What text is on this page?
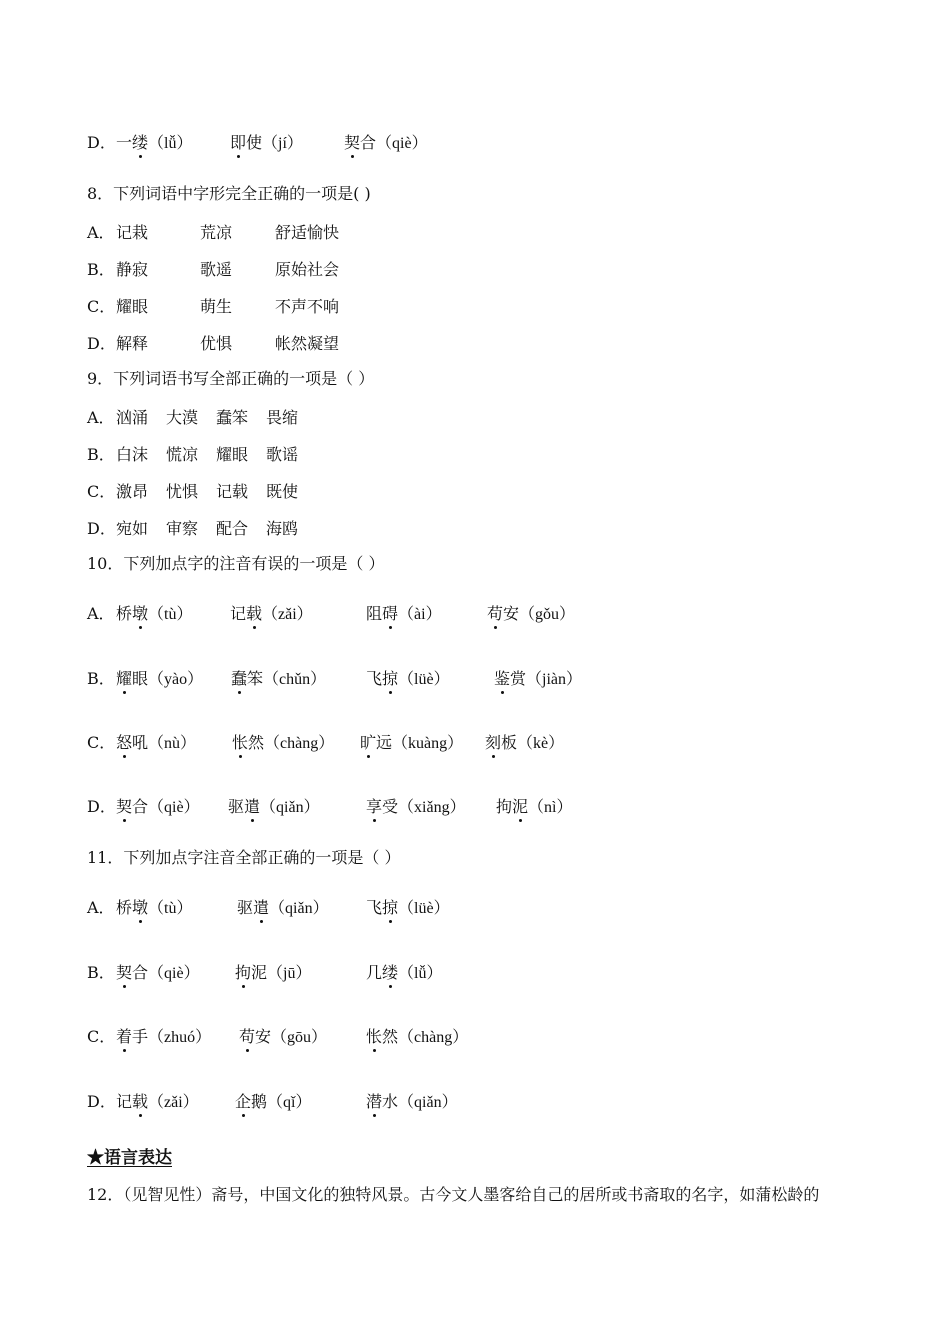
D． 一缕（lǚ） 即使（jí）	契合（qiè）
8．下列词语中字形完全正确的一项是( )
A． 记栽	荒凉	舒适愉快
B． 静寂	歌遥	原始社会
C． 耀眼	萌生	不声不响
D． 解释	优惧	帐然凝望
9．下列词语书写全部正确的一项是（ ）
A． 汹涌 大漠 蠢笨 畏缩
B． 白沫 慌凉 耀眼 歌谣
C． 激昂 忧惧 记载 既使
D． 宛如 审察 配合 海鸥
10．下列加点字的注音有误的一项是（ ）
A． 桥墩（tù） 记载（zǎi）	阻碍（ài）	苟安（gǒu）
B． 耀眼（yào） 蠢笨（chǔn） 飞掠（lüè）	鉴赏（jiàn）
C． 怒吼（nù） 怅然（chàng） 旷远（kuàng） 刻板（kè）
D． 契合（qiè） 驱遣（qiǎn）	享受（xiǎng） 拘泥（nì）
11．下列加点字注音全部正确的一项是（ ）
A． 桥墩（tù）	驱遣（qiǎn） 飞掠（lüè）
B． 契合（qiè） 拘泥（jū）	几缕（lǚ）
C． 着手（zhuó） 苟安（gōu） 怅然（chàng）
D． 记载（zǎi） 企鹅（qǐ）	潜水（qiǎn）
★语言表达
12．（见智见性）斋号，中国文化的独特风景。古今文人墨客给自己的居所或书斋取的名字，如蒲松龄的
